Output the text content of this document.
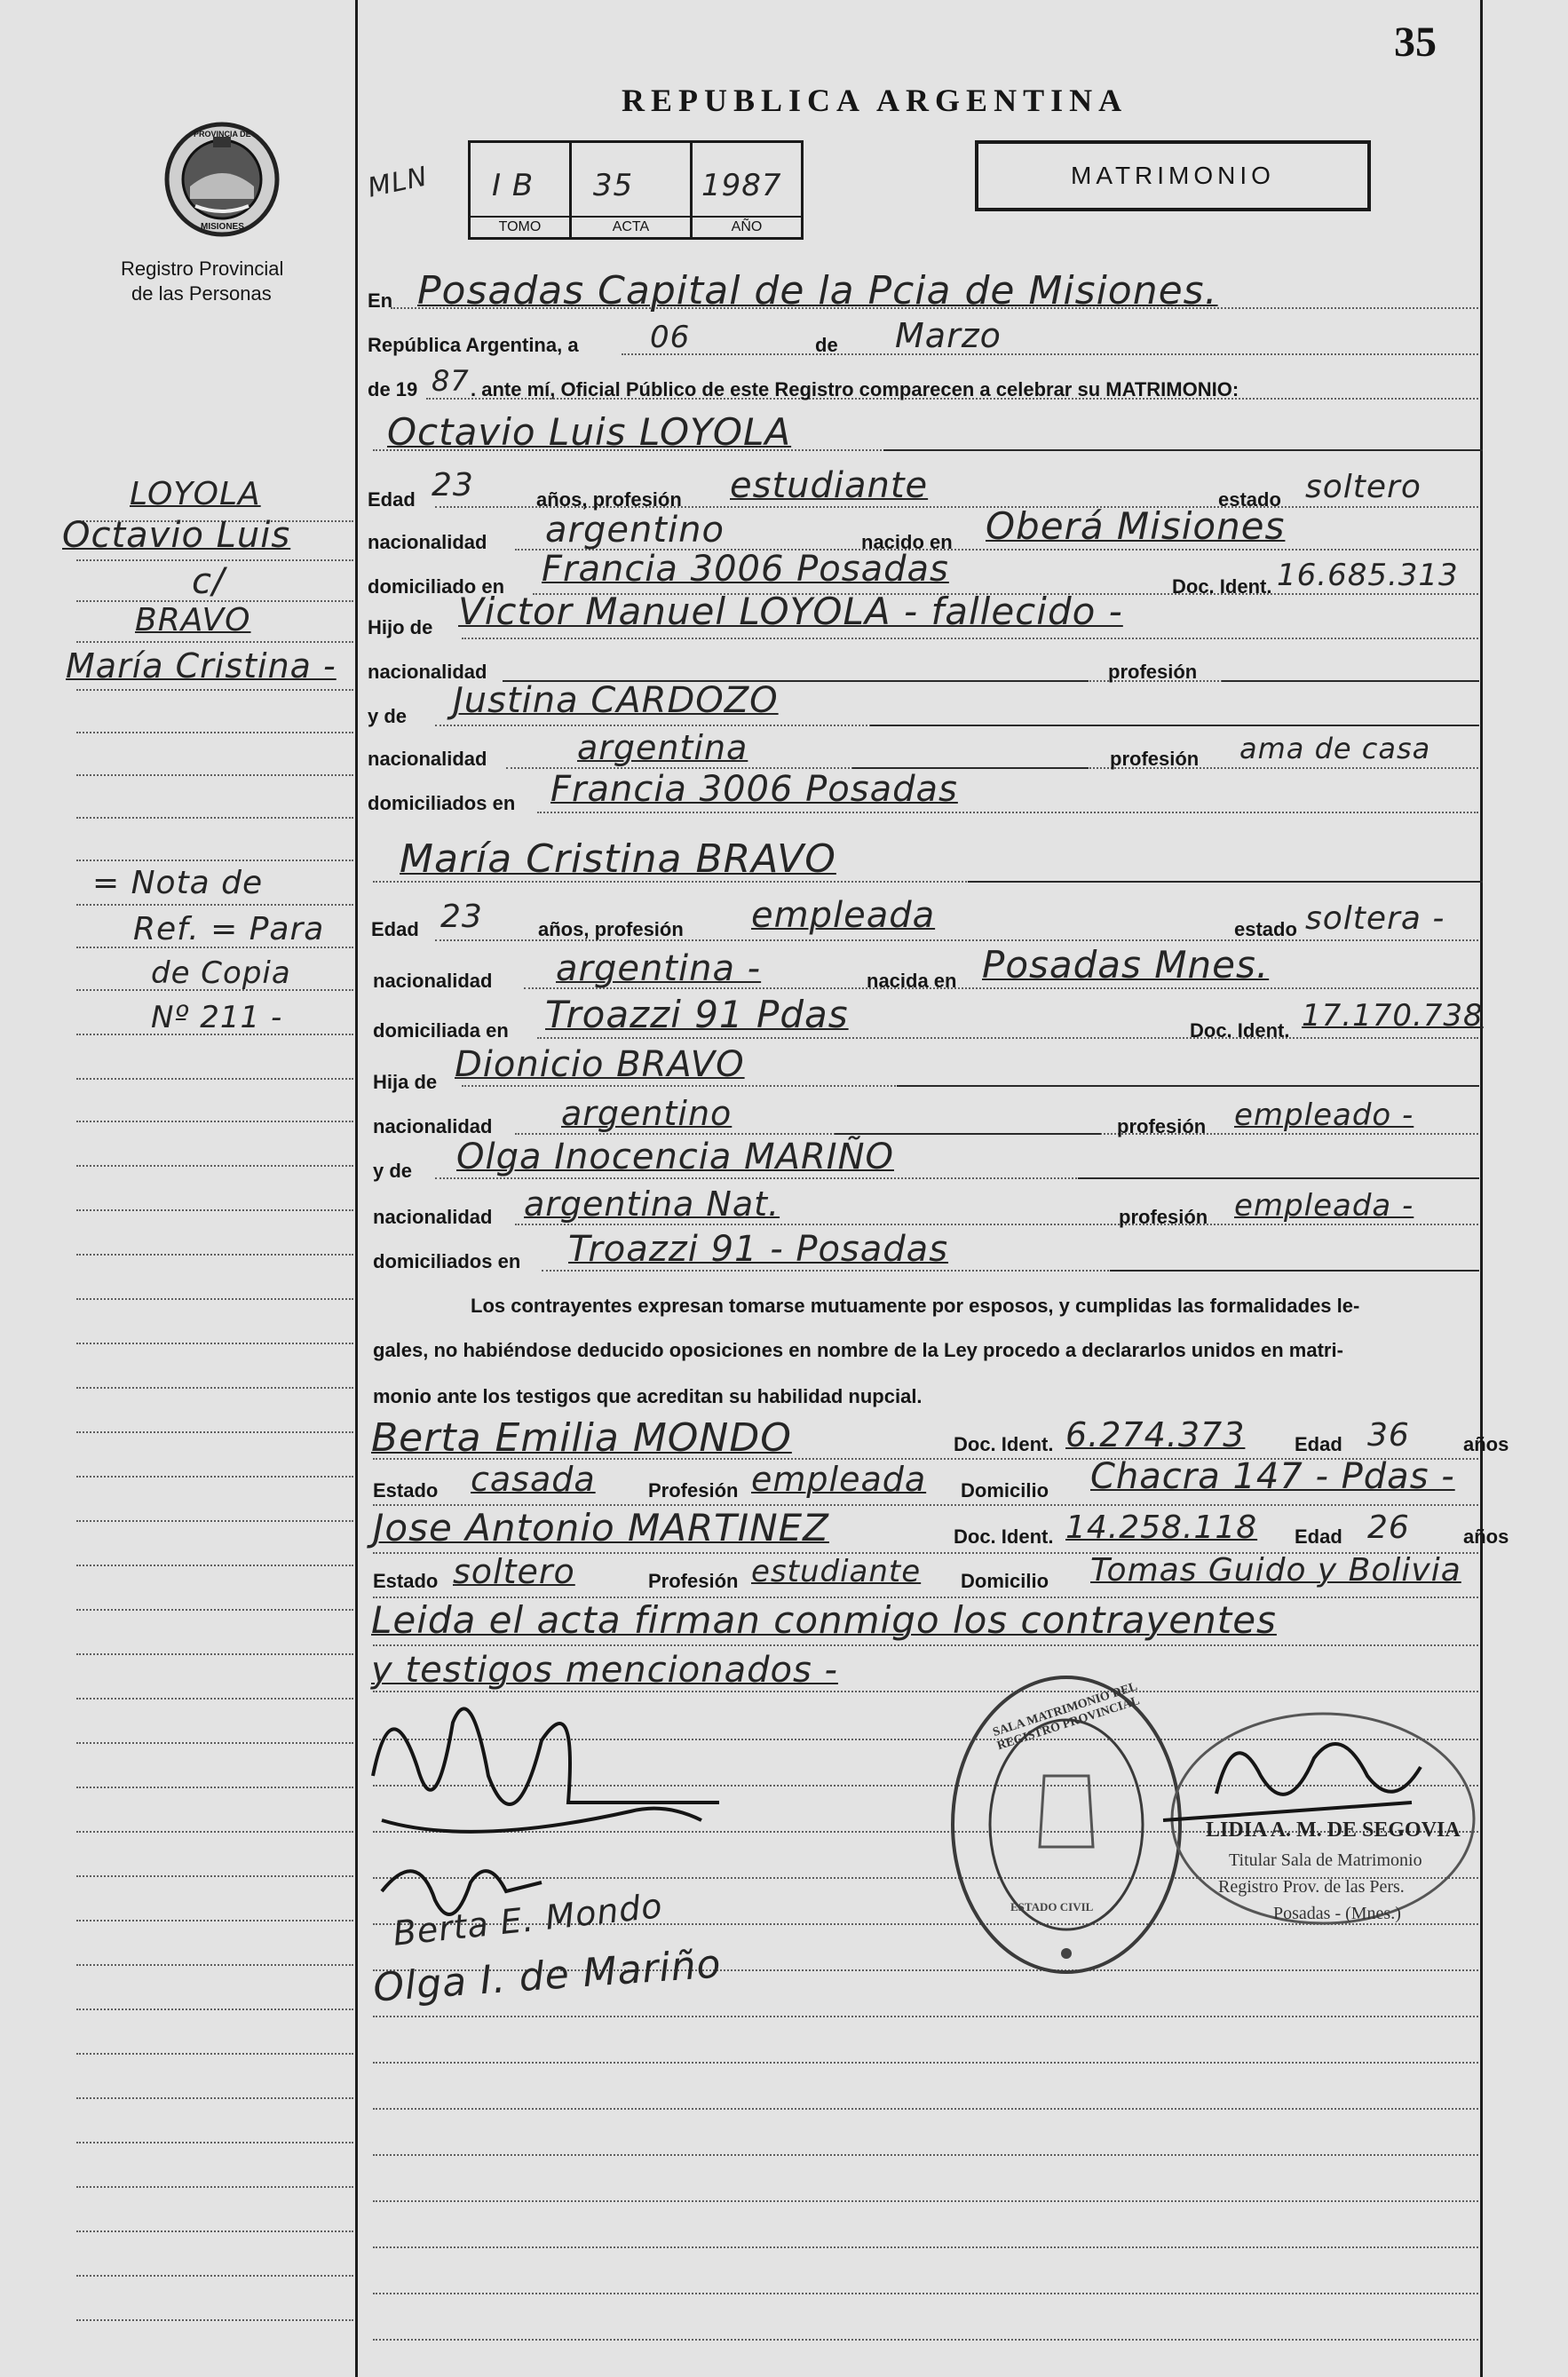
35
REPUBLICA ARGENTINA
MATRIMONIO
PROVINCIA DE
MISIONES
Registro Provincial
de las Personas
MLN I B
TOMO
35
ACTA
1987
AÑO
En Posadas Capital de la Pcia de Misiones.
República Argentina, a 06	de Marzo
de 19 87 . ante mí, Oficial Público de este Registro comparecen a celebrar su MATRIMONIO:
Octavio Luis LOYOLA
Edad 23	años, profesión estudiante	estado soltero
nacionalidad argentino	nacido en Oberá Misiones
domiciliado en Francia 3006 Posadas	Doc. Ident. 16.685.313
Hijo de Victor Manuel LOYOLA - fallecido -
nacionalidad	profesión
y de Justina CARDOZO
nacionalidad	argentina	profesión ama de casa
domiciliados en Francia 3006 Posadas
María Cristina BRAVO
Edad 23	años, profesión empleada	estado soltera -
nacionalidad argentina -	nacida en Posadas Mnes.
domiciliada en Troazzi 91 Pdas	Doc. Ident. 17.170.738
Hija de Dionicio BRAVO
nacionalidad argentino	profesión empleado -
y de Olga Inocencia MARIÑO
nacionalidad argentina Nat.	profesión empleada -
domiciliados en Troazzi 91 - Posadas
Los contrayentes expresan tomarse mutuamente por esposos, y cumplidas las formalidades le-
gales, no habiéndose deducido oposiciones en nombre de la Ley procedo a declararlos unidos en matri-
monio ante los testigos que acreditan su habilidad nupcial.
Berta Emilia MONDO	Doc. Ident. 6.274.373	Edad 36	años
Estado casada	Profesión empleada Domicilio Chacra 147 - Pdas -
Jose Antonio MARTINEZ	Doc. Ident. 14.258.118 Edad 26	años
Estado soltero	Profesión estudiante Domicilio Tomas Guido y Bolivia
Leida el acta firman conmigo los contrayentes
y testigos mencionados -
SALA MATRIMONIO DEL REGISTRO PROVINCIAL
ESTADO CIVIL
LIDIA A. M. DE SEGOVIA
Titular Sala de Matrimonio
Registro Prov. de las Pers.
Posadas - (Mnes.)
Berta E. Mondo
Olga I. de Mariño
LOYOLA
Octavio Luis
c/
BRAVO
María Cristina -
= Nota de
Ref. = Para
de Copia
Nº 211 -
